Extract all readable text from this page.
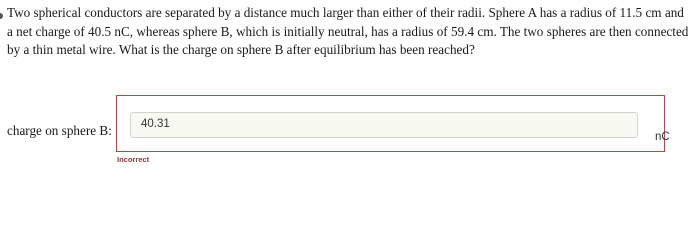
Two spherical conductors are separated by a distance much larger than either of their radii. Sphere A has a radius of 11.5 cm and a net charge of 40.5 nC, whereas sphere B, which is initially neutral, has a radius of 59.4 cm. The two spheres are then connected by a thin metal wire. What is the charge on sphere B after equilibrium has been reached?

charge on sphere B:	40.31
nC
Incorrect
